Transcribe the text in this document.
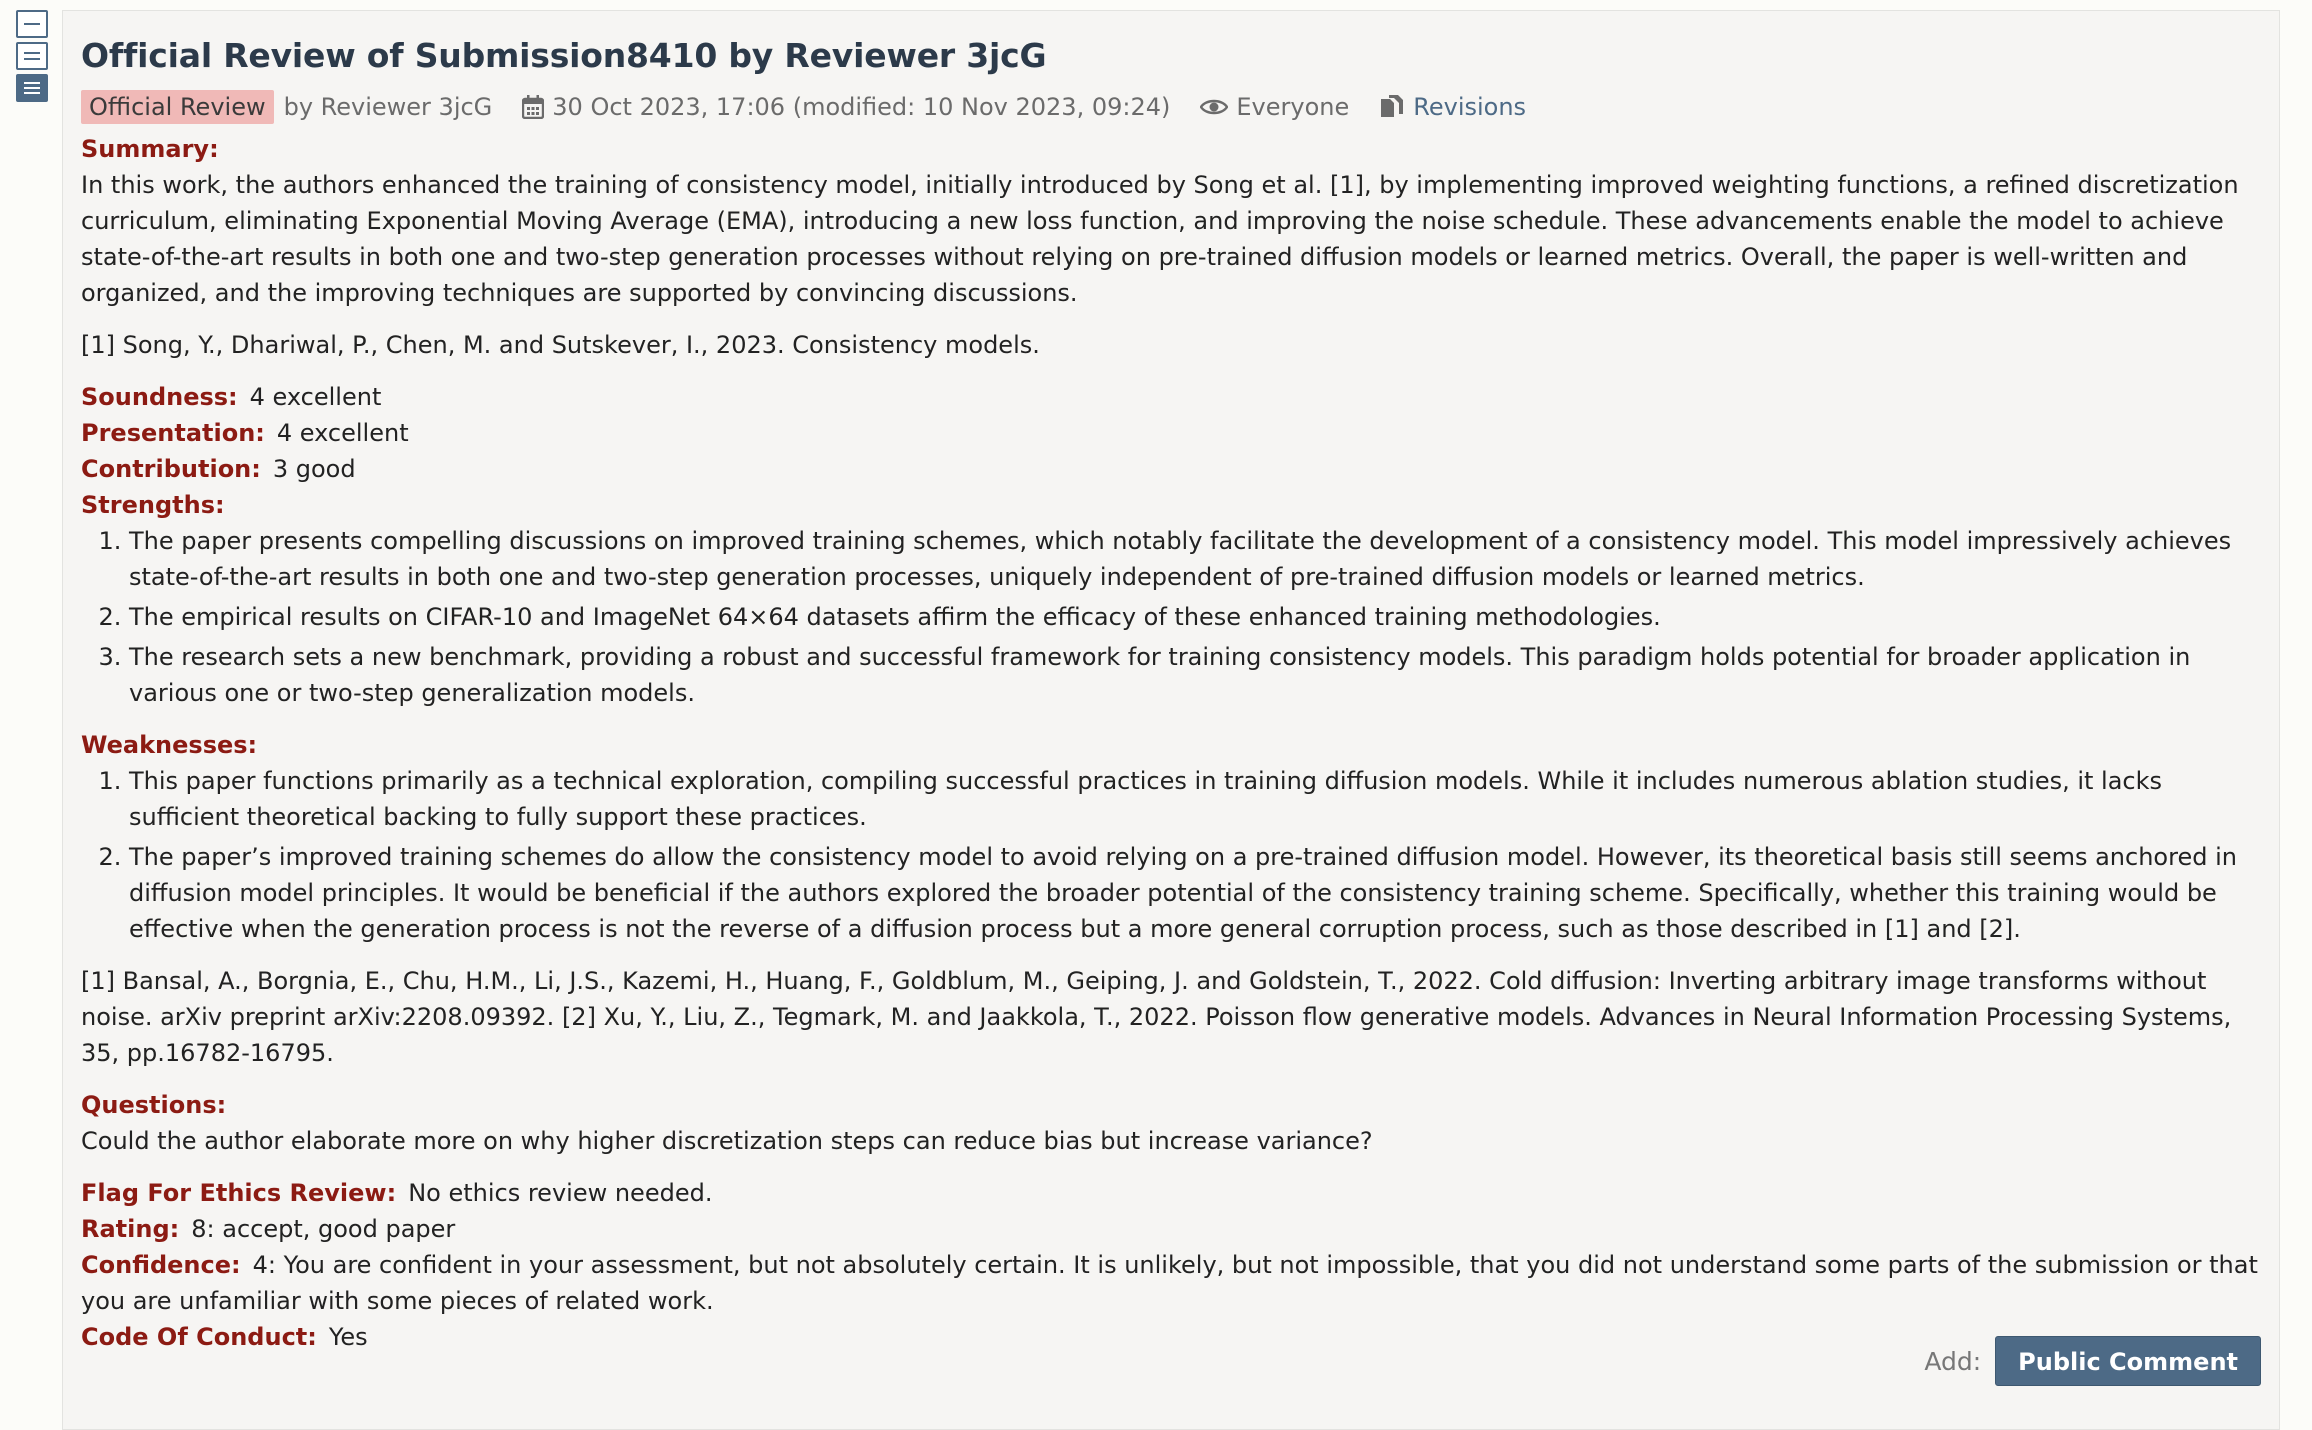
Official Review of Submission8410 by Reviewer 3jcG
Official Review by Reviewer 3jcG	30 Oct 2023, 17:06 (modified: 10 Nov 2023, 09:24)	Everyone	Revisions
Summary:

In this work, the authors enhanced the training of consistency model, initially introduced by Song et al. [1], by implementing improved weighting functions, a refined discretization curriculum, eliminating Exponential Moving Average (EMA), introducing a new loss function, and improving the noise schedule. These advancements enable the model to achieve state-of-the-art results in both one and two-step generation processes without relying on pre-trained diffusion models or learned metrics. Overall, the paper is well-written and organized, and the improving techniques are supported by convincing discussions.

[1] Song, Y., Dhariwal, P., Chen, M. and Sutskever, I., 2023. Consistency models.

Soundness: 4 excellent
Presentation: 4 excellent
Contribution: 3 good
Strengths:
1. The paper presents compelling discussions on improved training schemes, which notably facilitate the development of a consistency model. This model impressively achieves state-of-the-art results in both one and two-step generation processes, uniquely independent of pre-trained diffusion models or learned metrics.
2. The empirical results on CIFAR-10 and ImageNet 64×64 datasets affirm the efficacy of these enhanced training methodologies.
3. The research sets a new benchmark, providing a robust and successful framework for training consistency models. This paradigm holds potential for broader application in various one or two-step generalization models.
Weaknesses:
1. This paper functions primarily as a technical exploration, compiling successful practices in training diffusion models. While it includes numerous ablation studies, it lacks sufficient theoretical backing to fully support these practices.
2. The paper’s improved training schemes do allow the consistency model to avoid relying on a pre-trained diffusion model. However, its theoretical basis still seems anchored in diffusion model principles. It would be beneficial if the authors explored the broader potential of the consistency training scheme. Specifically, whether this training would be effective when the generation process is not the reverse of a diffusion process but a more general corruption process, such as those described in [1] and [2].

[1] Bansal, A., Borgnia, E., Chu, H.M., Li, J.S., Kazemi, H., Huang, F., Goldblum, M., Geiping, J. and Goldstein, T., 2022. Cold diffusion: Inverting arbitrary image transforms without noise. arXiv preprint arXiv:2208.09392. [2] Xu, Y., Liu, Z., Tegmark, M. and Jaakkola, T., 2022. Poisson flow generative models. Advances in Neural Information Processing Systems, 35, pp.16782-16795.

Questions:

Could the author elaborate more on why higher discretization steps can reduce bias but increase variance?

Flag For Ethics Review: No ethics review needed.
Rating: 8: accept, good paper
Confidence: 4: You are confident in your assessment, but not absolutely certain. It is unlikely, but not impossible, that you did not understand some parts of the submission or that you are unfamiliar with some pieces of related work.
Code Of Conduct: Yes
Add:	Public Comment
